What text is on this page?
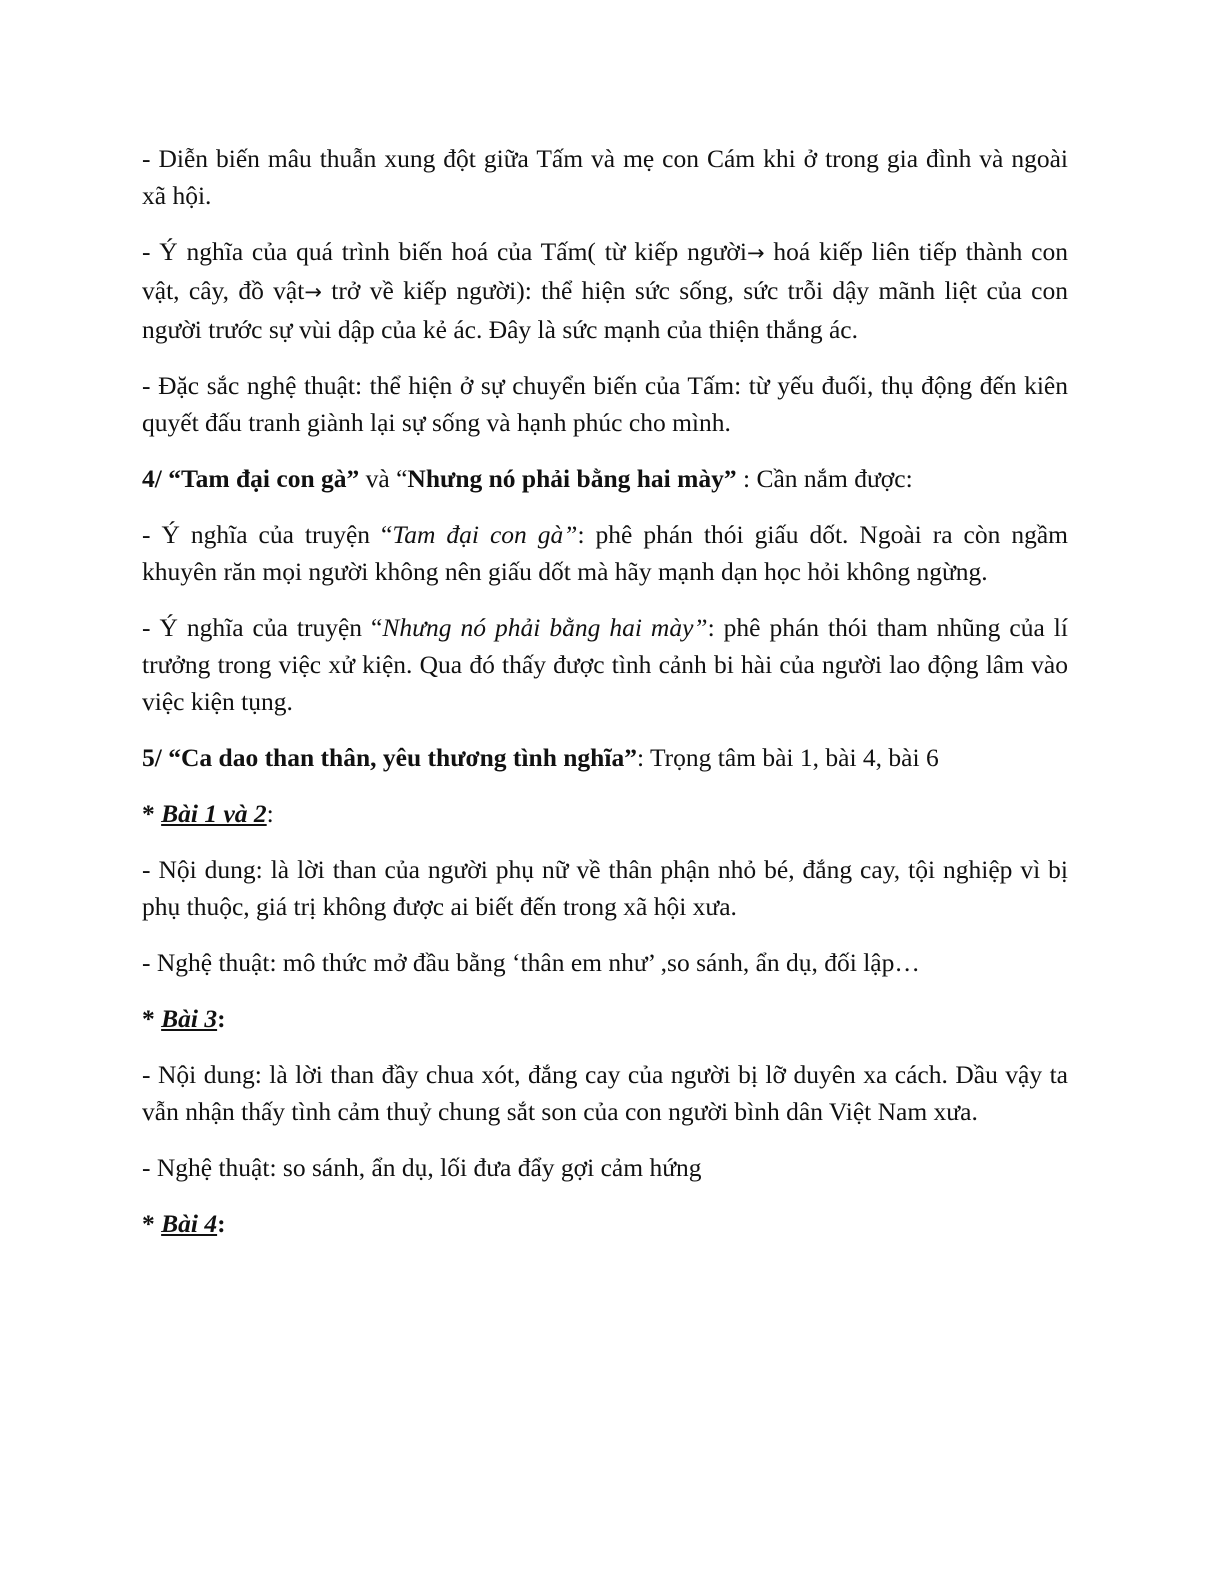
- Diễn biến mâu thuẫn xung đột giữa Tấm và mẹ con Cám khi ở trong gia đình và ngoài xã hội.

- Ý nghĩa của quá trình biến hoá của Tấm( từ kiếp người→ hoá kiếp liên tiếp thành con vật, cây, đồ vật→ trở về kiếp người): thể hiện sức sống, sức trỗi dậy mãnh liệt của con người trước sự vùi dập của kẻ ác. Đây là sức mạnh của thiện thắng ác.

- Đặc sắc nghệ thuật: thể hiện ở sự chuyển biến của Tấm: từ yếu đuối, thụ động đến kiên quyết đấu tranh giành lại sự sống và hạnh phúc cho mình.

4/ “Tam đại con gà” và “Nhưng nó phải bằng hai mày” : Cần nắm được:

- Ý nghĩa của truyện “Tam đại con gà”: phê phán thói giấu dốt. Ngoài ra còn ngầm khuyên răn mọi người không nên giấu dốt mà hãy mạnh dạn học hỏi không ngừng.

- Ý nghĩa của truyện “Nhưng nó phải bằng hai mày”: phê phán thói tham nhũng của lí trưởng trong việc xử kiện. Qua đó thấy được tình cảnh bi hài của người lao động lâm vào việc kiện tụng.

5/ “Ca dao than thân, yêu thương tình nghĩa”: Trọng tâm bài 1, bài 4, bài 6

* Bài 1 và 2:

- Nội dung: là lời than của người phụ nữ về thân phận nhỏ bé, đắng cay, tội nghiệp vì bị phụ thuộc, giá trị không được ai biết đến trong xã hội xưa.

- Nghệ thuật: mô thức mở đầu bằng ‘thân em như’ ,so sánh, ẩn dụ, đối lập…

* Bài 3:

- Nội dung: là lời than đầy chua xót, đắng cay của người bị lỡ duyên xa cách. Dầu vậy ta vẫn nhận thấy tình cảm thuỷ chung sắt son của con người bình dân Việt Nam xưa.

- Nghệ thuật: so sánh, ẩn dụ, lối đưa đẩy gợi cảm hứng

* Bài 4:
